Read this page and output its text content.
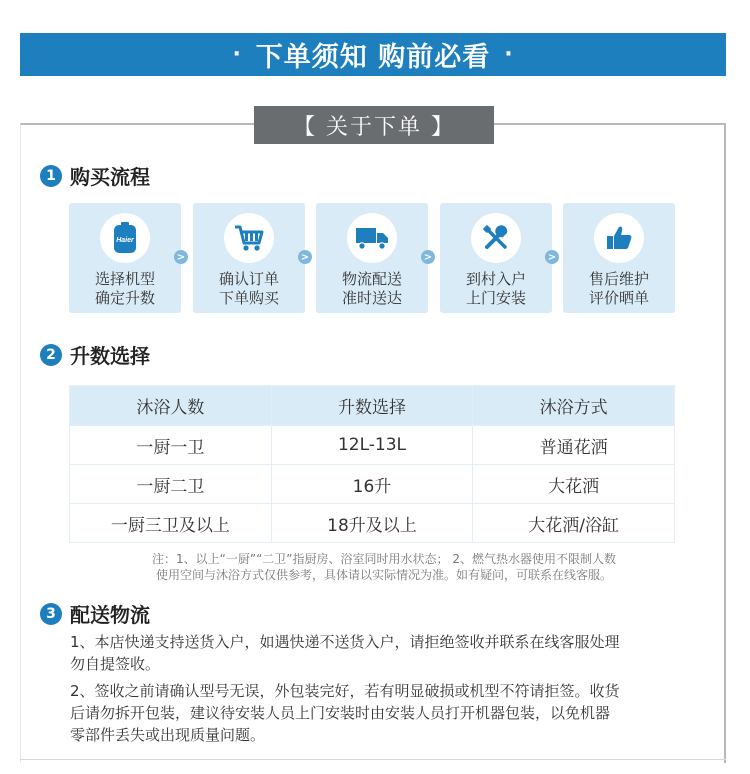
· 下单须知 购前必看 ·
【 关于下单 】
1 购买流程
Haier
选择机型
确定升数
>
确认订单
下单购买
>
物流配送
准时送达
>
到村入户
上门安装
>
售后维护
评价晒单
2 升数选择
沐浴人数	升数选择	沐浴方式
一厨一卫	12L-13L	普通花洒
一厨二卫	16升	大花洒
一厨三卫及以上	18升及以上	大花洒/浴缸
注：1、以上“一厨”“二卫”指厨房、浴室同时用水状态； 2、燃气热水器使用不限制人数
使用空间与沐浴方式仅供参考，具体请以实际情况为准。如有疑问，可联系在线客服。
3 配送物流
1、本店快递支持送货入户，如遇快递不送货入户，请拒绝签收并联系在线客服处理
勿自提签收。
2、签收之前请确认型号无误，外包装完好，若有明显破损或机型不符请拒签。收货
后请勿拆开包装，建议待安装人员上门安装时由安装人员打开机器包装，以免机器
零部件丢失或出现质量问题。
